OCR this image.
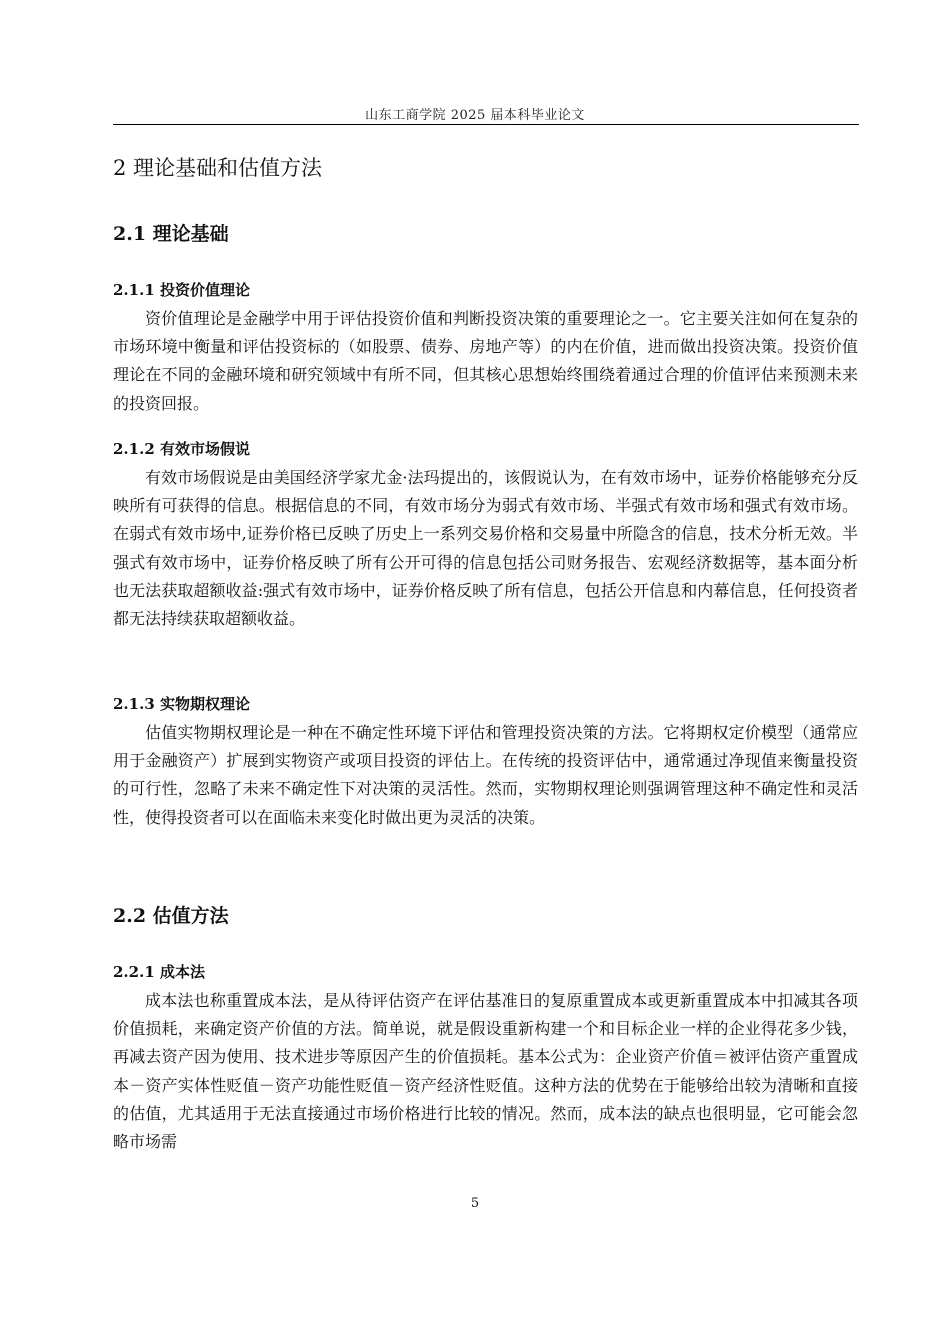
山东工商学院 2025 届本科毕业论文
2 理论基础和估值方法
2.1 理论基础
2.1.1 投资价值理论

资价值理论是金融学中用于评估投资价值和判断投资决策的重要理论之一。它主要关注如何在复杂的市场环境中衡量和评估投资标的（如股票、债券、房地产等）的内在价值，进而做出投资决策。投资价值理论在不同的金融环境和研究领域中有所不同，但其核心思想始终围绕着通过合理的价值评估来预测未来的投资回报。

2.1.2 有效市场假说

有效市场假说是由美国经济学家尤金·法玛提出的，该假说认为，在有效市场中，证券价格能够充分反映所有可获得的信息。根据信息的不同，有效市场分为弱式有效市场、半强式有效市场和强式有效市场。在弱式有效市场中,证券价格已反映了历史上一系列交易价格和交易量中所隐含的信息，技术分析无效。半强式有效市场中，证券价格反映了所有公开可得的信息包括公司财务报告、宏观经济数据等，基本面分析也无法获取超额收益:强式有效市场中，证券价格反映了所有信息，包括公开信息和内幕信息，任何投资者都无法持续获取超额收益。

2.1.3 实物期权理论

估值实物期权理论是一种在不确定性环境下评估和管理投资决策的方法。它将期权定价模型（通常应用于金融资产）扩展到实物资产或项目投资的评估上。在传统的投资评估中，通常通过净现值来衡量投资的可行性，忽略了未来不确定性下对决策的灵活性。然而，实物期权理论则强调管理这种不确定性和灵活性，使得投资者可以在面临未来变化时做出更为灵活的决策。

2.2 估值方法
2.2.1 成本法

成本法也称重置成本法，是从待评估资产在评估基准日的复原重置成本或更新重置成本中扣减其各项价值损耗，来确定资产价值的方法。简单说，就是假设重新构建一个和目标企业一样的企业得花多少钱，再减去资产因为使用、技术进步等原因产生的价值损耗。基本公式为：企业资产价值＝被评估资产重置成本－资产实体性贬值－资产功能性贬值－资产经济性贬值。这种方法的优势在于能够给出较为清晰和直接的估值，尤其适用于无法直接通过市场价格进行比较的情况。然而，成本法的缺点也很明显，它可能会忽略市场需

5
